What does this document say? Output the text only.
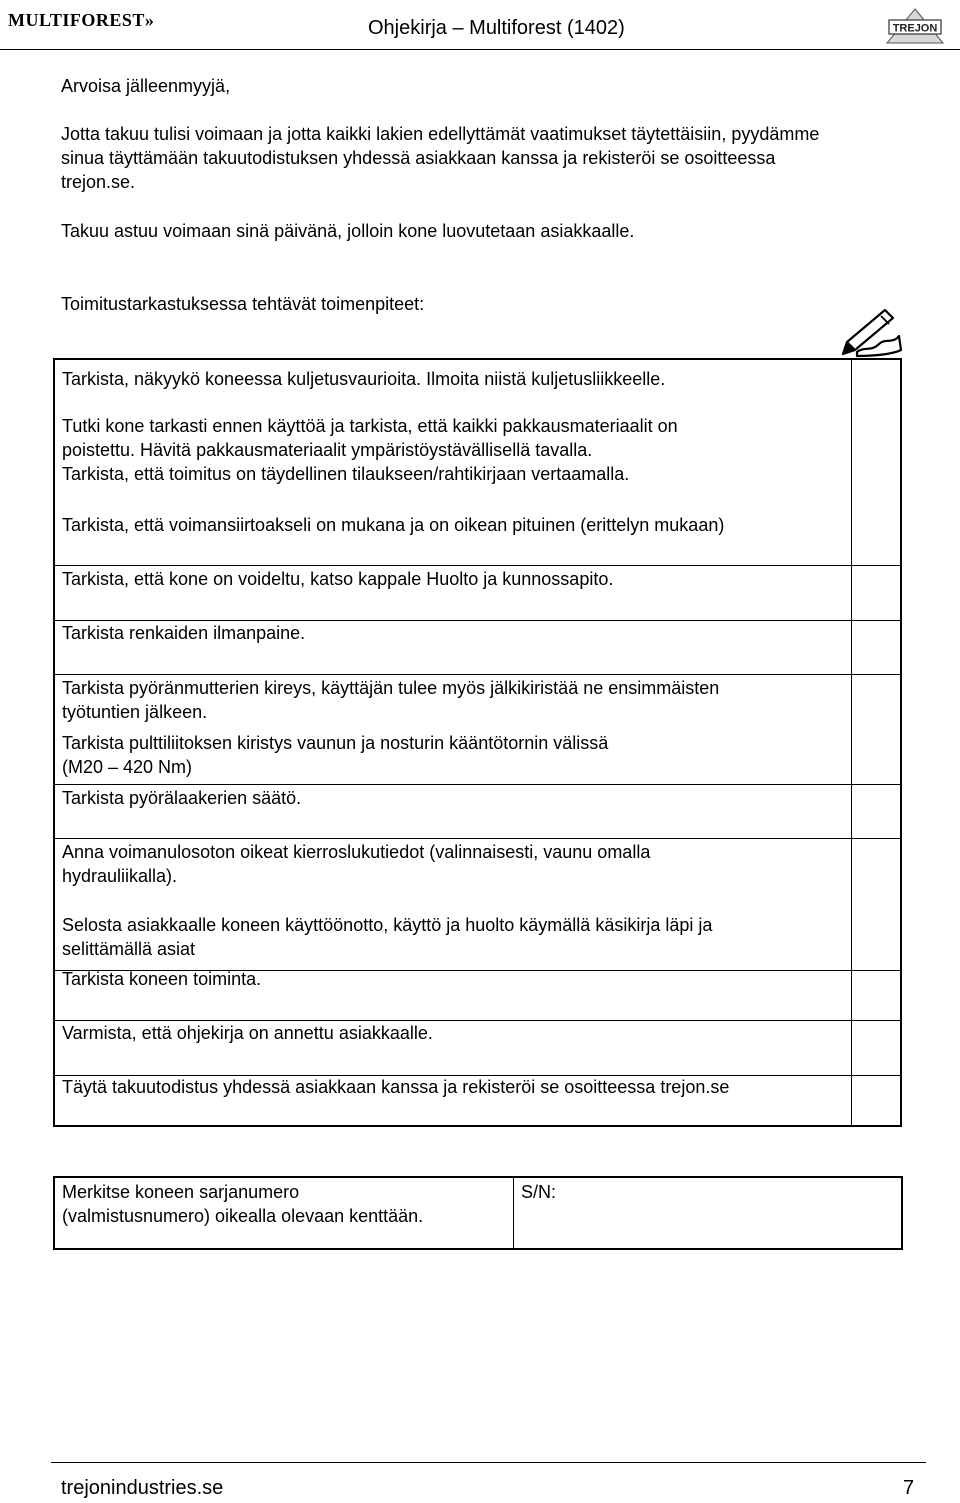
MULTIFOREST»	Ohjekirja – Multiforest (1402)	TREJON
Arvoisa jälleenmyyjä,
Jotta takuu tulisi voimaan ja jotta kaikki lakien edellyttämät vaatimukset täytettäisiin, pyydämme
sinua täyttämään takuutodistuksen yhdessä asiakkaan kanssa ja rekisteröi se osoitteessa
trejon.se.
Takuu astuu voimaan sinä päivänä, jolloin kone luovutetaan asiakkaalle.
Toimitustarkastuksessa tehtävät toimenpiteet:
Tarkista, näkyykö koneessa kuljetusvaurioita. Ilmoita niistä kuljetusliikkeelle.
Tutki kone tarkasti ennen käyttöä ja tarkista, että kaikki pakkausmateriaalit on
poistettu. Hävitä pakkausmateriaalit ympäristöystävällisellä tavalla.
Tarkista, että toimitus on täydellinen tilaukseen/rahtikirjaan vertaamalla.
Tarkista, että voimansiirtoakseli on mukana ja on oikean pituinen (erittelyn mukaan)
Tarkista, että kone on voideltu, katso kappale Huolto ja kunnossapito.
Tarkista renkaiden ilmanpaine.
Tarkista pyöränmutterien kireys, käyttäjän tulee myös jälkikiristää ne ensimmäisten
työtuntien jälkeen.
Tarkista pulttiliitoksen kiristys vaunun ja nosturin kääntötornin välissä
(M20 – 420 Nm)
Tarkista pyörälaakerien säätö.
Anna voimanulosoton oikeat kierroslukutiedot (valinnaisesti, vaunu omalla
hydrauliikalla).
Selosta asiakkaalle koneen käyttöönotto, käyttö ja huolto käymällä käsikirja läpi ja
selittämällä asiat
Tarkista koneen toiminta.
Varmista, että ohjekirja on annettu asiakkaalle.
Täytä takuutodistus yhdessä asiakkaan kanssa ja rekisteröi se osoitteessa trejon.se
Merkitse koneen sarjanumero
(valmistusnumero) oikealla olevaan kenttään.
S/N:
trejonindustries.se	7
